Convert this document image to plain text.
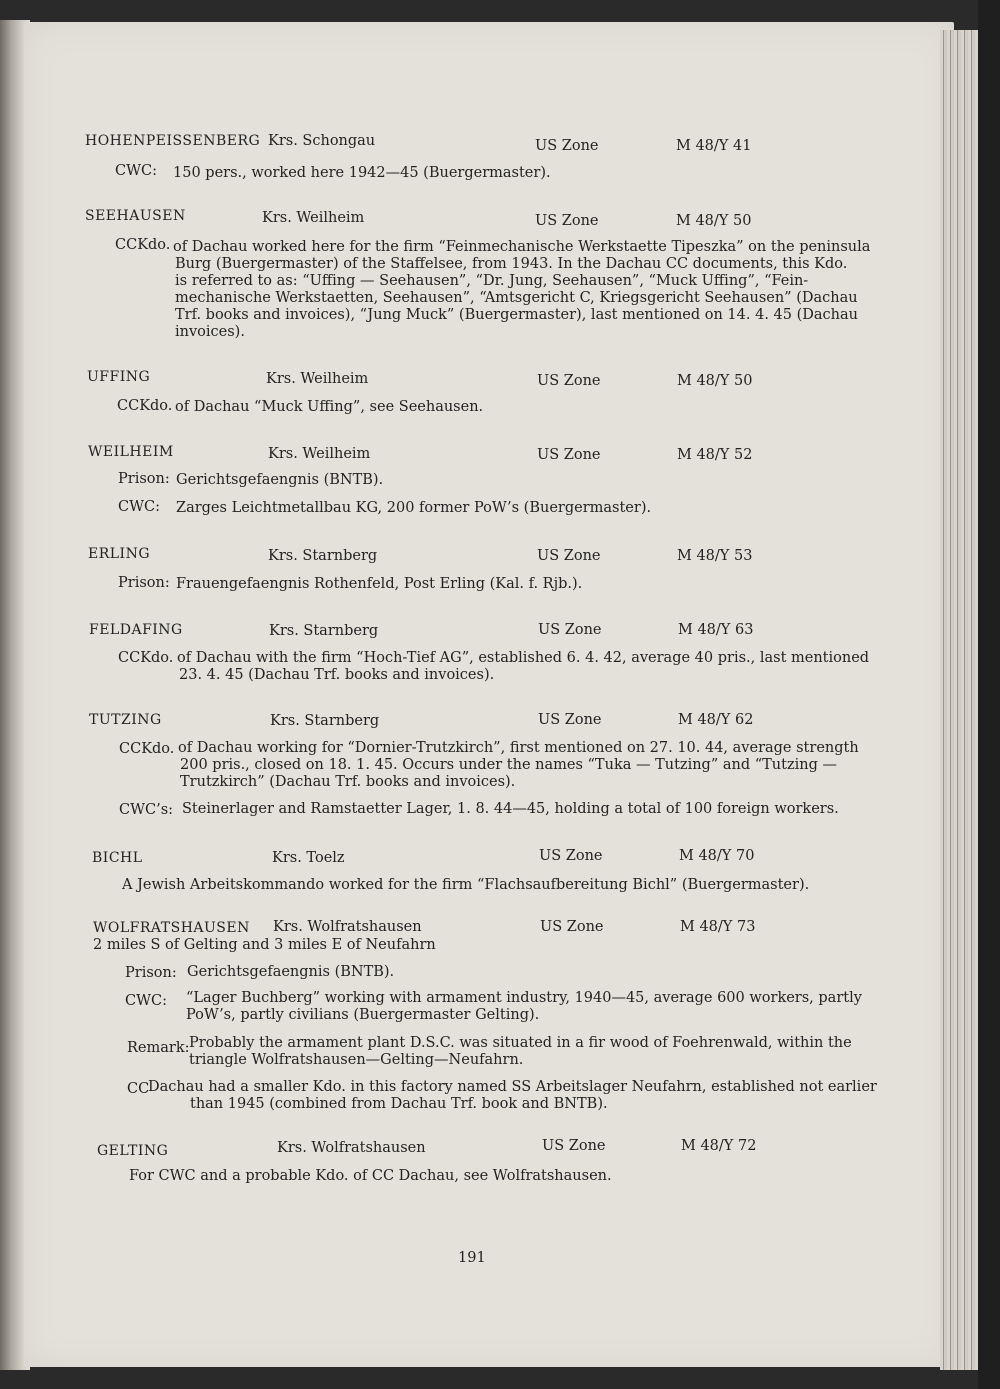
HOHENPEISSENBERG Krs. Schongau	US Zone	M 48/Y 41
CWC: 150 pers., worked here 1942—45 (Buergermaster).
SEEHAUSEN	Krs. Weilheim	US Zone	M 48/Y 50
CCKdo. of Dachau worked here for the firm “Feinmechanische Werkstaette Tipeszka” on the peninsula
Burg (Buergermaster) of the Staffelsee, from 1943. In the Dachau CC documents, this Kdo.
is referred to as: “Uffing — Seehausen”, “Dr. Jung, Seehausen”, “Muck Uffing”, “Fein-
mechanische Werkstaetten, Seehausen”, “Amtsgericht C, Kriegsgericht Seehausen” (Dachau
Trf. books and invoices), “Jung Muck” (Buergermaster), last mentioned on 14. 4. 45 (Dachau
invoices).
UFFING	Krs. Weilheim	US Zone	M 48/Y 50
CCKdo. of Dachau “Muck Uffing”, see Seehausen.
WEILHEIM	Krs. Weilheim	US Zone	M 48/Y 52
Prison: Gerichtsgefaengnis (BNTB).
CWC: Zarges Leichtmetallbau KG, 200 former PoW’s (Buergermaster).
ERLING	Krs. Starnberg	US Zone	M 48/Y 53
Prison: Frauengefaengnis Rothenfeld, Post Erling (Kal. f. Rjb.).
FELDAFING	Krs. Starnberg	US Zone	M 48/Y 63
CCKdo. of Dachau with the firm “Hoch-Tief AG”, established 6. 4. 42, average 40 pris., last mentioned
23. 4. 45 (Dachau Trf. books and invoices).
TUTZING	Krs. Starnberg	US Zone	M 48/Y 62
CCKdo. of Dachau working for “Dornier-Trutzkirch”, first mentioned on 27. 10. 44, average strength
200 pris., closed on 18. 1. 45. Occurs under the names “Tuka — Tutzing” and “Tutzing —
Trutzkirch” (Dachau Trf. books and invoices).
CWC’s: Steinerlager and Ramstaetter Lager, 1. 8. 44—45, holding a total of 100 foreign workers.
BICHL	Krs. Toelz	US Zone	M 48/Y 70
A Jewish Arbeitskommando worked for the firm “Flachsaufbereitung Bichl” (Buergermaster).
WOLFRATSHAUSEN Krs. Wolfratshausen	US Zone	M 48/Y 73
2 miles S of Gelting and 3 miles E of Neufahrn
Prison: Gerichtsgefaengnis (BNTB).
CWC: “Lager Buchberg” working with armament industry, 1940—45, average 600 workers, partly
PoW’s, partly civilians (Buergermaster Gelting).
Remark: Probably the armament plant D.S.C. was situated in a fir wood of Foehrenwald, within the
triangle Wolfratshausen—Gelting—Neufahrn.
CC
Dachau had a smaller Kdo. in this factory named SS Arbeitslager Neufahrn, established not earlier
than 1945 (combined from Dachau Trf. book and BNTB).
GELTING	Krs. Wolfratshausen	US Zone	M 48/Y 72
For CWC and a probable Kdo. of CC Dachau, see Wolfratshausen.
191
